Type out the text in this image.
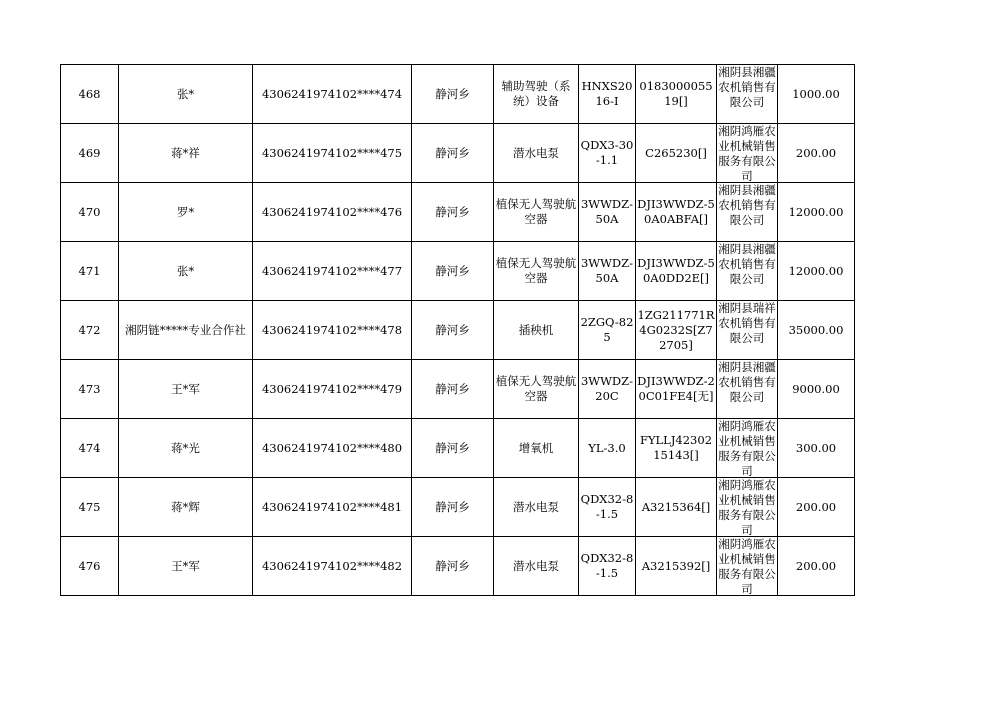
468	张*	4306241974102****474	静河乡	辅助驾驶（系统）设备	HNXS2016-I	018300005519[]	湘阴县湘疆农机销售有限公司	1000.00
469	蒋*祥	4306241974102****475	静河乡	潜水电泵	QDX3-30-1.1	C265230[]	湘阴鸿雁农业机械销售服务有限公司	200.00
470	罗*	4306241974102****476	静河乡	植保无人驾驶航空器	3WWDZ-50A	DJI3WWDZ-50A0ABFA[]	湘阴县湘疆农机销售有限公司	12000.00
471	张*	4306241974102****477	静河乡	植保无人驾驶航空器	3WWDZ-50A	DJI3WWDZ-50A0DD2E[]	湘阴县湘疆农机销售有限公司	12000.00
472	湘阴链*****专业合作社	4306241974102****478	静河乡	插秧机	2ZGQ-825	1ZG211771R4G0232S[Z72705]	湘阴县瑞祥农机销售有限公司	35000.00
473	王*军	4306241974102****479	静河乡	植保无人驾驶航空器	3WWDZ-20C	DJI3WWDZ-20C01FE4[无]	湘阴县湘疆农机销售有限公司	9000.00
474	蒋*光	4306241974102****480	静河乡	增氧机	YL-3.0	FYLLJ4230215143[]	湘阴鸿雁农业机械销售服务有限公司	300.00
475	蒋*辉	4306241974102****481	静河乡	潜水电泵	QDX32-8-1.5	A3215364[]	湘阴鸿雁农业机械销售服务有限公司	200.00
476	王*军	4306241974102****482	静河乡	潜水电泵	QDX32-8-1.5	A3215392[]	湘阴鸿雁农业机械销售服务有限公司	200.00
